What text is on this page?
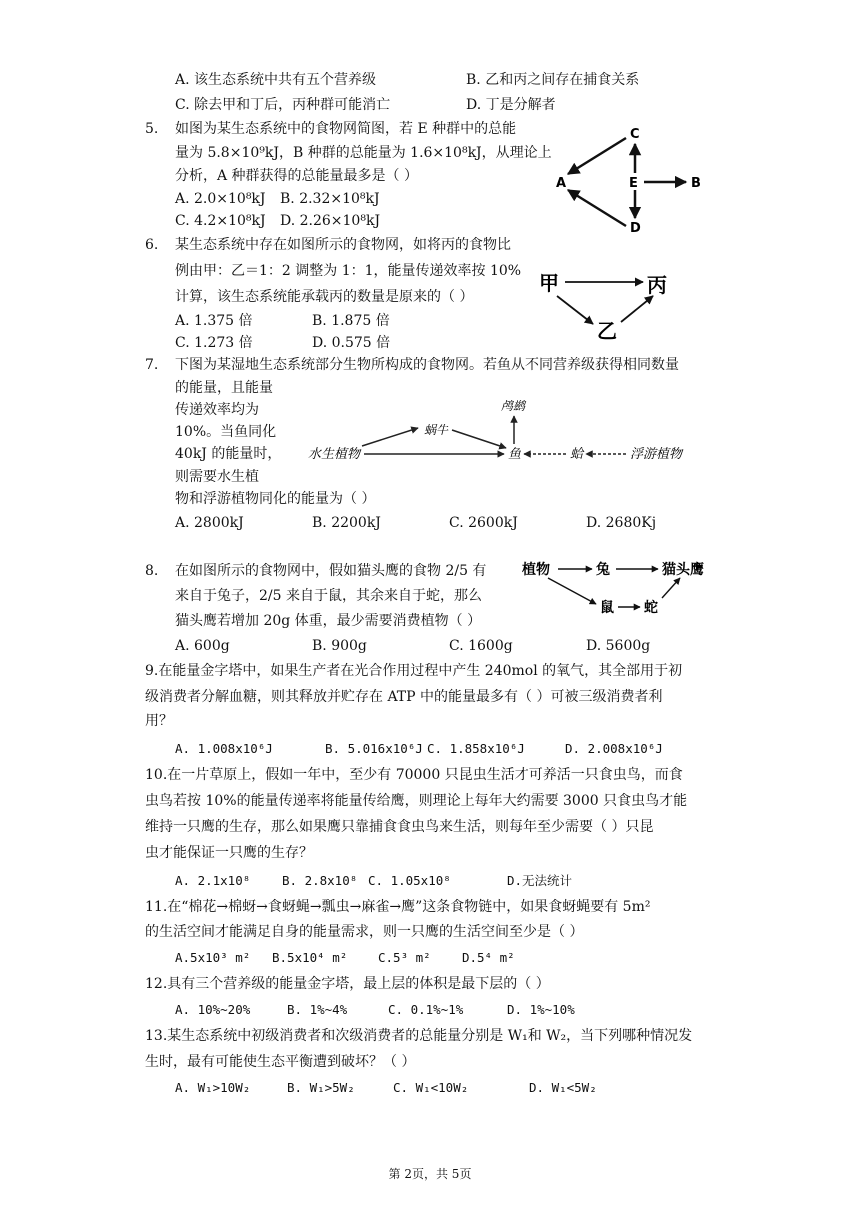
A. 该生态系统中共有五个营养级	B. 乙和丙之间存在捕食关系
C. 除去甲和丁后，丙种群可能消亡	D. 丁是分解者
5. 如图为某生态系统中的食物网简图，若 E 种群中的总能
量为 5.8×10⁹kJ，B 种群的总能量为 1.6×10⁸kJ，从理论上
分析，A 种群获得的总能量最多是（ ）
A. 2.0×10⁸kJ B. 2.32×10⁸kJ
C. 4.2×10⁸kJ D. 2.26×10⁸kJ
C
E
A	B
D
6. 某生态系统中存在如图所示的食物网，如将丙的食物比
例由甲：乙＝1：2 调整为 1：1，能量传递效率按 10%
计算，该生态系统能承载丙的数量是原来的（ ）
A. 1.375 倍	B. 1.875 倍
C. 1.273 倍	D. 0.575 倍
甲	丙
乙
7. 下图为某湿地生态系统部分生物所构成的食物网。若鱼从不同营养级获得相同数量
的能量，且能量
传递效率均为
10%。当鱼同化
40kJ 的能量时，
则需要水生植
物和浮游植物同化的能量为（ ）
A. 2800kJ	B. 2200kJ	C. 2600kJ	D. 2680Kj
水生植物
蜗牛
鸬鹚
鱼	蛤	浮游植物
8. 在如图所示的食物网中，假如猫头鹰的食物 2/5 有
来自于兔子，2/5 来自于鼠，其余来自于蛇，那么
猫头鹰若增加 20g 体重，最少需要消费植物（ ）
A. 600g	B. 900g	C. 1600g	D. 5600g
植物	兔	猫头鹰
鼠 蛇
9.在能量金字塔中，如果生产者在光合作用过程中产生 240mol 的氧气，其全部用于初
级消费者分解血糖，则其释放并贮存在 ATP 中的能量最多有（ ）可被三级消费者利
用？
A. 1.008x10⁶J	B. 5.016x10⁶J C. 1.858x10⁶J	D. 2.008x10⁶J
10.在一片草原上，假如一年中，至少有 70000 只昆虫生活才可养活一只食虫鸟，而食
虫鸟若按 10%的能量传递率将能量传给鹰，则理论上每年大约需要 3000 只食虫鸟才能
维持一只鹰的生存，那么如果鹰只靠捕食食虫鸟来生活，则每年至少需要（ ）只昆
虫才能保证一只鹰的生存？
A. 2.1x10⁸	B. 2.8x10⁸ C. 1.05x10⁸	D.无法统计
11.在“棉花→棉蚜→食蚜蝇→瓢虫→麻雀→鹰”这条食物链中，如果食蚜蝇要有 5m²
的生活空间才能满足自身的能量需求，则一只鹰的生活空间至少是（ ）
A.5x10³ m² B.5x10⁴ m² C.5³ m²	D.5⁴ m²
12.具有三个营养级的能量金字塔，最上层的体积是最下层的（ ）
A. 10%~20%	B. 1%~4%	C. 0.1%~1%	D. 1%~10%
13.某生态系统中初级消费者和次级消费者的总能量分别是 W₁和 W₂，当下列哪种情况发
生时，最有可能使生态平衡遭到破坏？（ ）
A. W₁>10W₂	B. W₁>5W₂	C. W₁<10W₂	D. W₁<5W₂
第 2页，共 5页
